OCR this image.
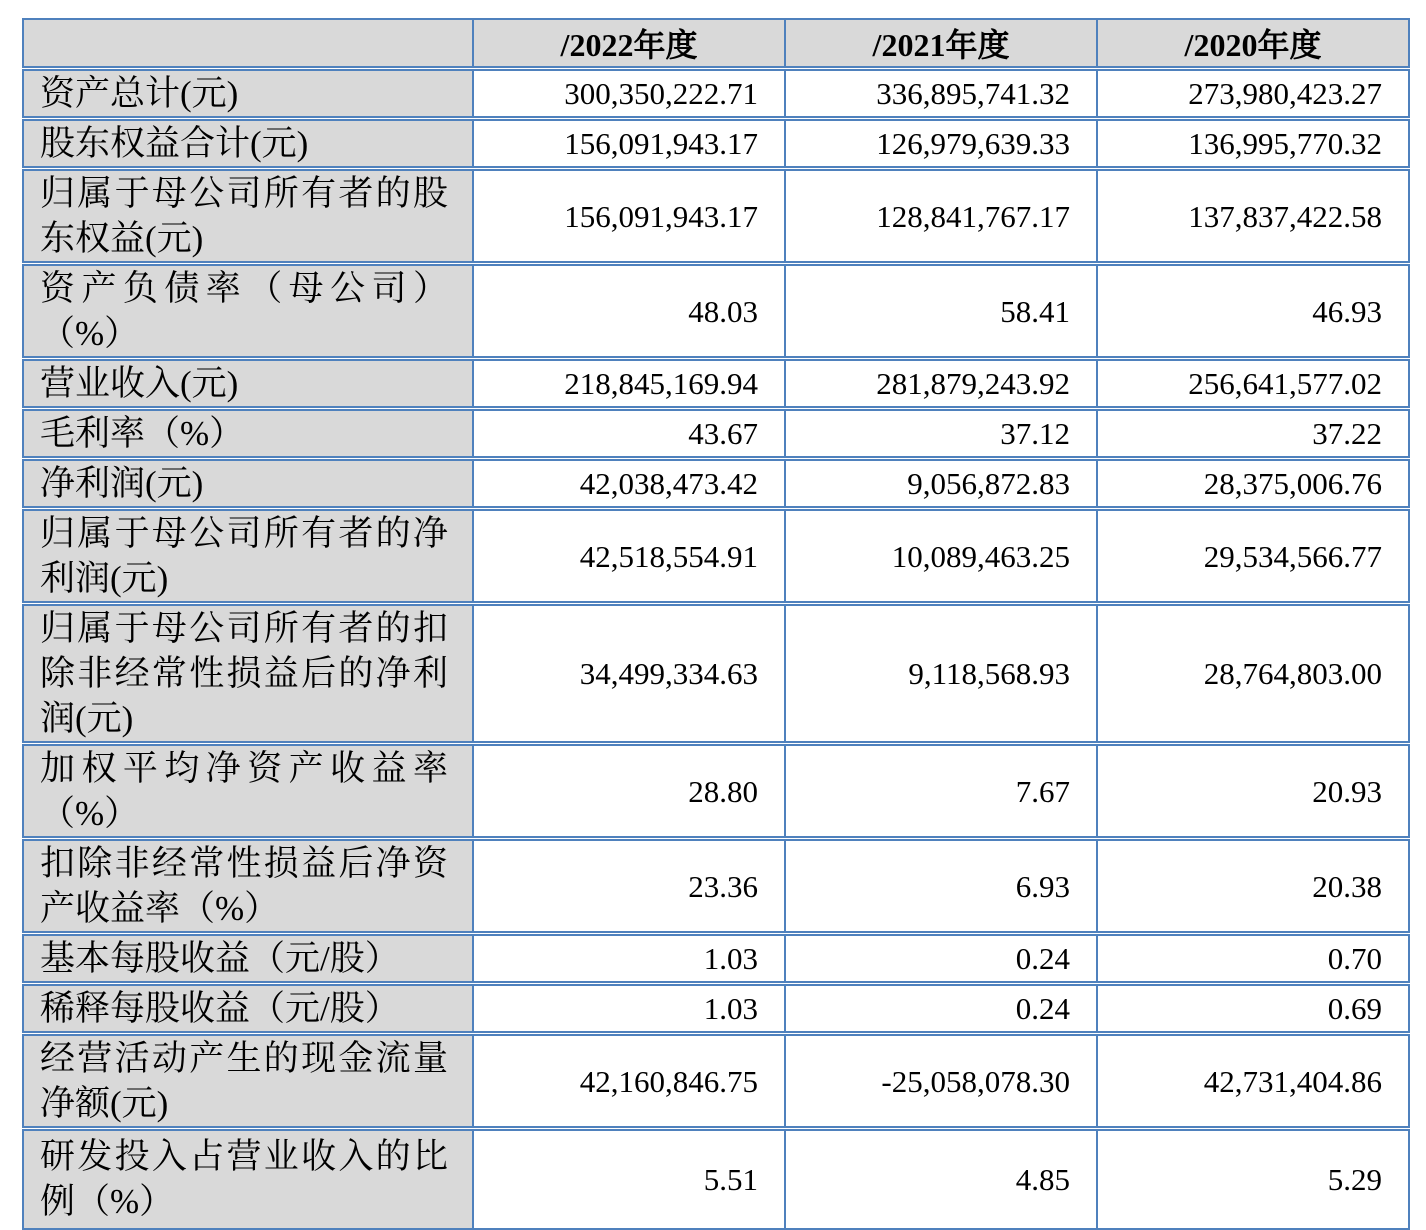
	/2022年度	/2021年度	/2020年度
资产总计(元)	300,350,222.71	336,895,741.32	273,980,423.27
股东权益合计(元)	156,091,943.17	126,979,639.33	136,995,770.32
归属于母公司所有者的股东权益(元)	156,091,943.17	128,841,767.17	137,837,422.58
资产负债率（母公司）（%）	48.03	58.41	46.93
营业收入(元)	218,845,169.94	281,879,243.92	256,641,577.02
毛利率（%）	43.67	37.12	37.22
净利润(元)	42,038,473.42	9,056,872.83	28,375,006.76
归属于母公司所有者的净利润(元)	42,518,554.91	10,089,463.25	29,534,566.77
归属于母公司所有者的扣除非经常性损益后的净利润(元)	34,499,334.63	9,118,568.93	28,764,803.00
加权平均净资产收益率（%）	28.80	7.67	20.93
扣除非经常性损益后净资产收益率（%）	23.36	6.93	20.38
基本每股收益（元/股）	1.03	0.24	0.70
稀释每股收益（元/股）	1.03	0.24	0.69
经营活动产生的现金流量净额(元)	42,160,846.75	-25,058,078.30	42,731,404.86
研发投入占营业收入的比例（%）	5.51	4.85	5.29
